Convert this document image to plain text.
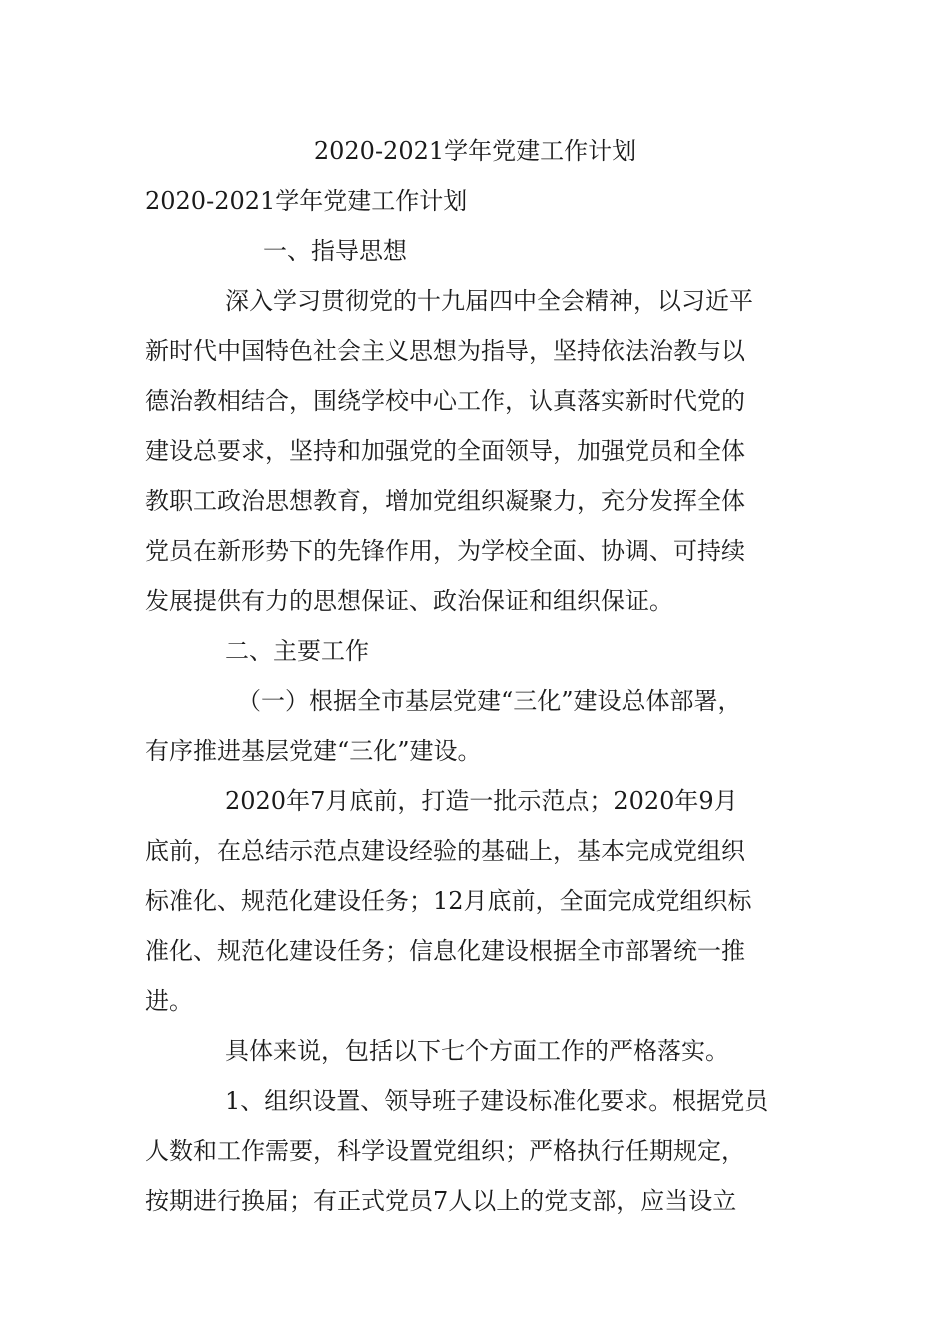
2020-2021学年党建工作计划
2020-2021学年党建工作计划
一、指导思想
深入学习贯彻党的十九届四中全会精神，以习近平
新时代中国特色社会主义思想为指导，坚持依法治教与以
德治教相结合，围绕学校中心工作，认真落实新时代党的
建设总要求，坚持和加强党的全面领导，加强党员和全体
教职工政治思想教育，增加党组织凝聚力，充分发挥全体
党员在新形势下的先锋作用，为学校全面、协调、可持续
发展提供有力的思想保证、政治保证和组织保证。
二、主要工作
（一）根据全市基层党建“三化”建设总体部署，
有序推进基层党建“三化”建设。
2020年7月底前，打造一批示范点；2020年9月
底前，在总结示范点建设经验的基础上，基本完成党组织
标准化、规范化建设任务；12月底前，全面完成党组织标
准化、规范化建设任务；信息化建设根据全市部署统一推
进。
具体来说，包括以下七个方面工作的严格落实。
1、组织设置、领导班子建设标准化要求。根据党员
人数和工作需要，科学设置党组织；严格执行任期规定，
按期进行换届；有正式党员7人以上的党支部，应当设立
